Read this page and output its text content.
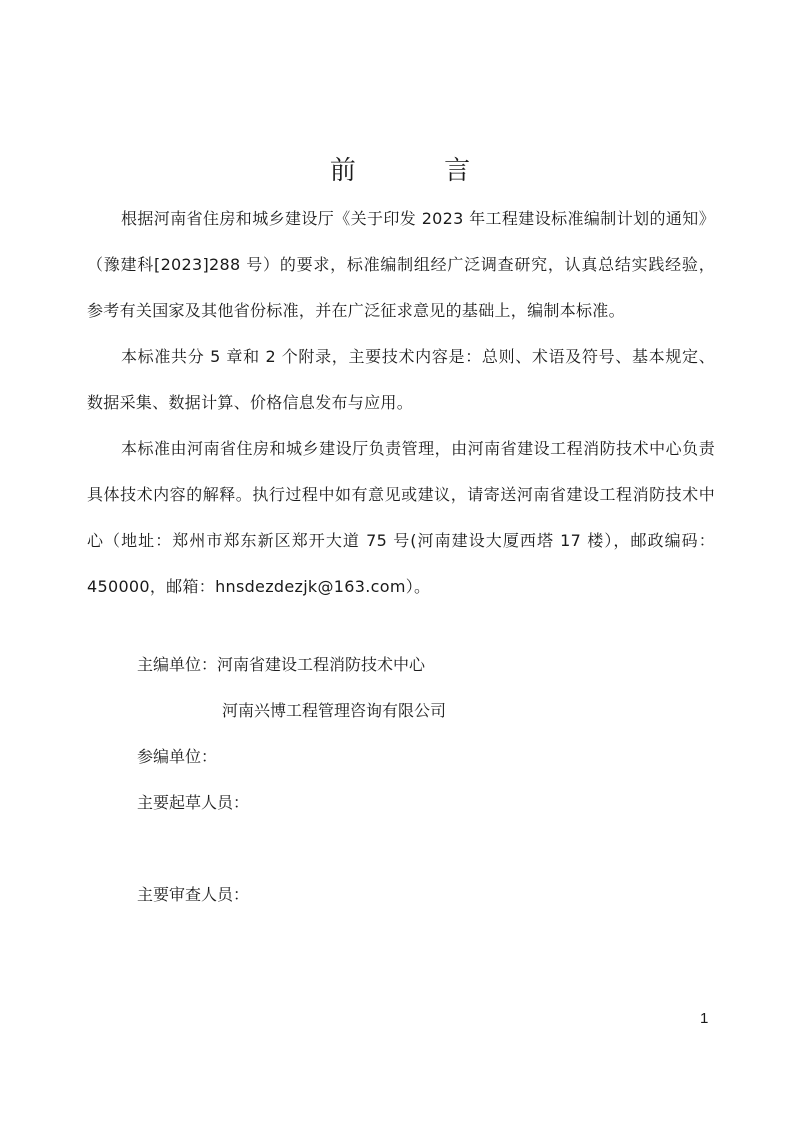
前 言

根据河南省住房和城乡建设厅《关于印发 2023 年工程建设标准编制计划的通知》（豫建科[2023]288 号）的要求，标准编制组经广泛调查研究，认真总结实践经验，参考有关国家及其他省份标准，并在广泛征求意见的基础上，编制本标准。

本标准共分 5 章和 2 个附录，主要技术内容是：总则、术语及符号、基本规定、数据采集、数据计算、价格信息发布与应用。

本标准由河南省住房和城乡建设厅负责管理，由河南省建设工程消防技术中心负责具体技术内容的解释。执行过程中如有意见或建议，请寄送河南省建设工程消防技术中心（地址：郑州市郑东新区郑开大道 75 号(河南建设大厦西塔 17 楼），邮政编码：450000，邮箱：hnsdezdezjk@163.com）。

主编单位：河南省建设工程消防技术中心
河南兴博工程管理咨询有限公司
参编单位：
主要起草人员：
主要审查人员：
1
